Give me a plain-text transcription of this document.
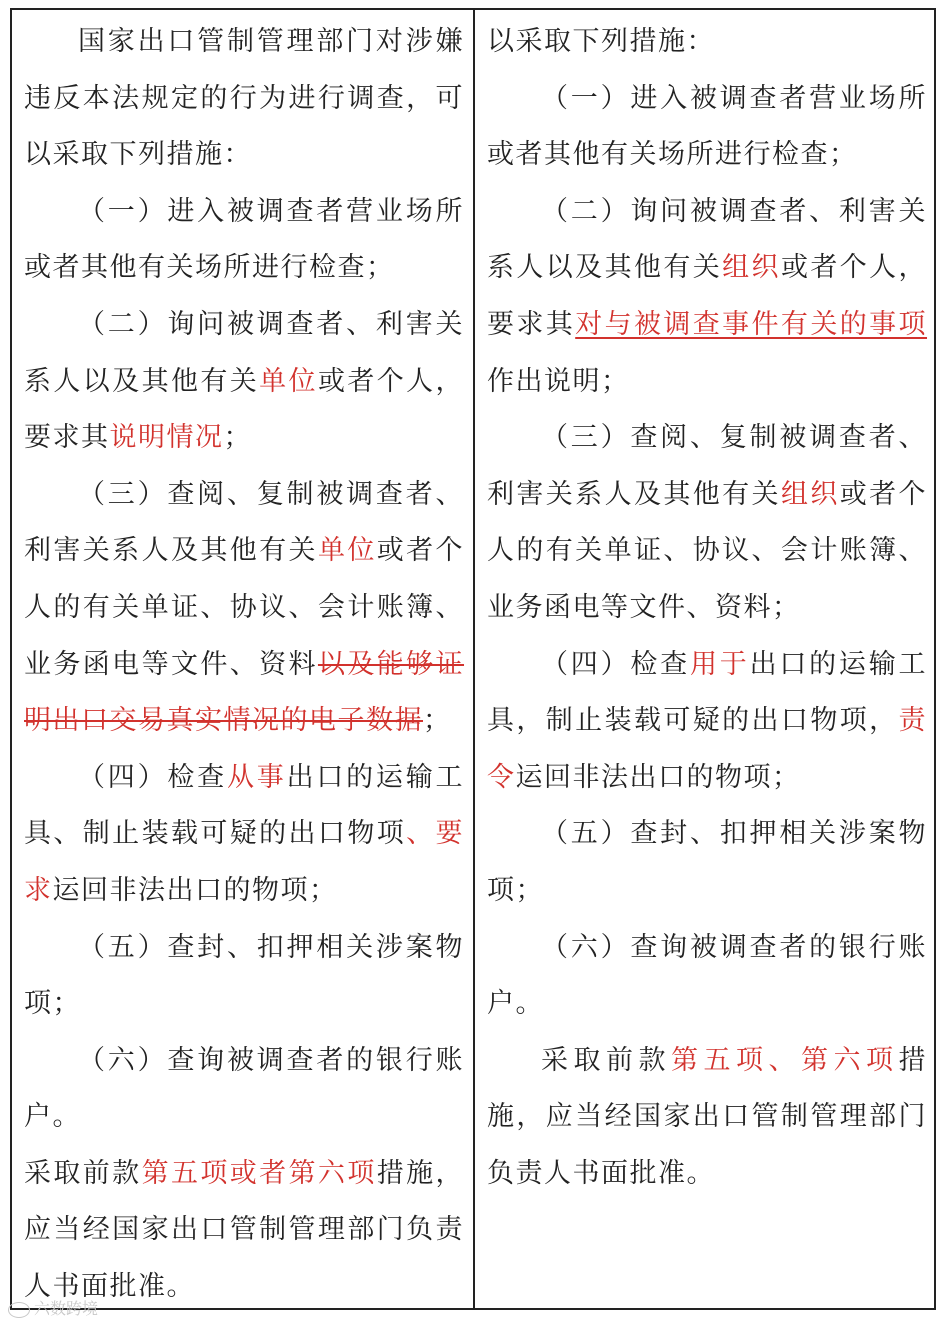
国家出口管制管理部门对涉嫌违反本法规定的行为进行调查，可以采取下列措施：

（一）进入被调查者营业场所或者其他有关场所进行检查；

（二）询问被调查者、利害关系人以及其他有关单位或者个人，要求其说明情况；

（三）查阅、复制被调查者、利害关系人及其他有关单位或者个人的有关单证、协议、会计账簿、业务函电等文件、资料以及能够证明出口交易真实情况的电子数据；

（四）检查从事出口的运输工具、制止装载可疑的出口物项、要求运回非法出口的物项；

（五）查封、扣押相关涉案物项；

（六）查询被调查者的银行账户。

采取前款第五项或者第六项措施，应当经国家出口管制管理部门负责人书面批准。

以采取下列措施：

（一）进入被调查者营业场所或者其他有关场所进行检查；

（二）询问被调查者、利害关系人以及其他有关组织或者个人，要求其对与被调查事件有关的事项作出说明；

（三）查阅、复制被调查者、利害关系人及其他有关组织或者个人的有关单证、协议、会计账簿、业务函电等文件、资料；

（四）检查用于出口的运输工具，制止装载可疑的出口物项，责令运回非法出口的物项；

（五）查封、扣押相关涉案物项；

（六）查询被调查者的银行账户。

采取前款第五项、第六项措施，应当经国家出口管制管理部门负责人书面批准。

六数跨境
